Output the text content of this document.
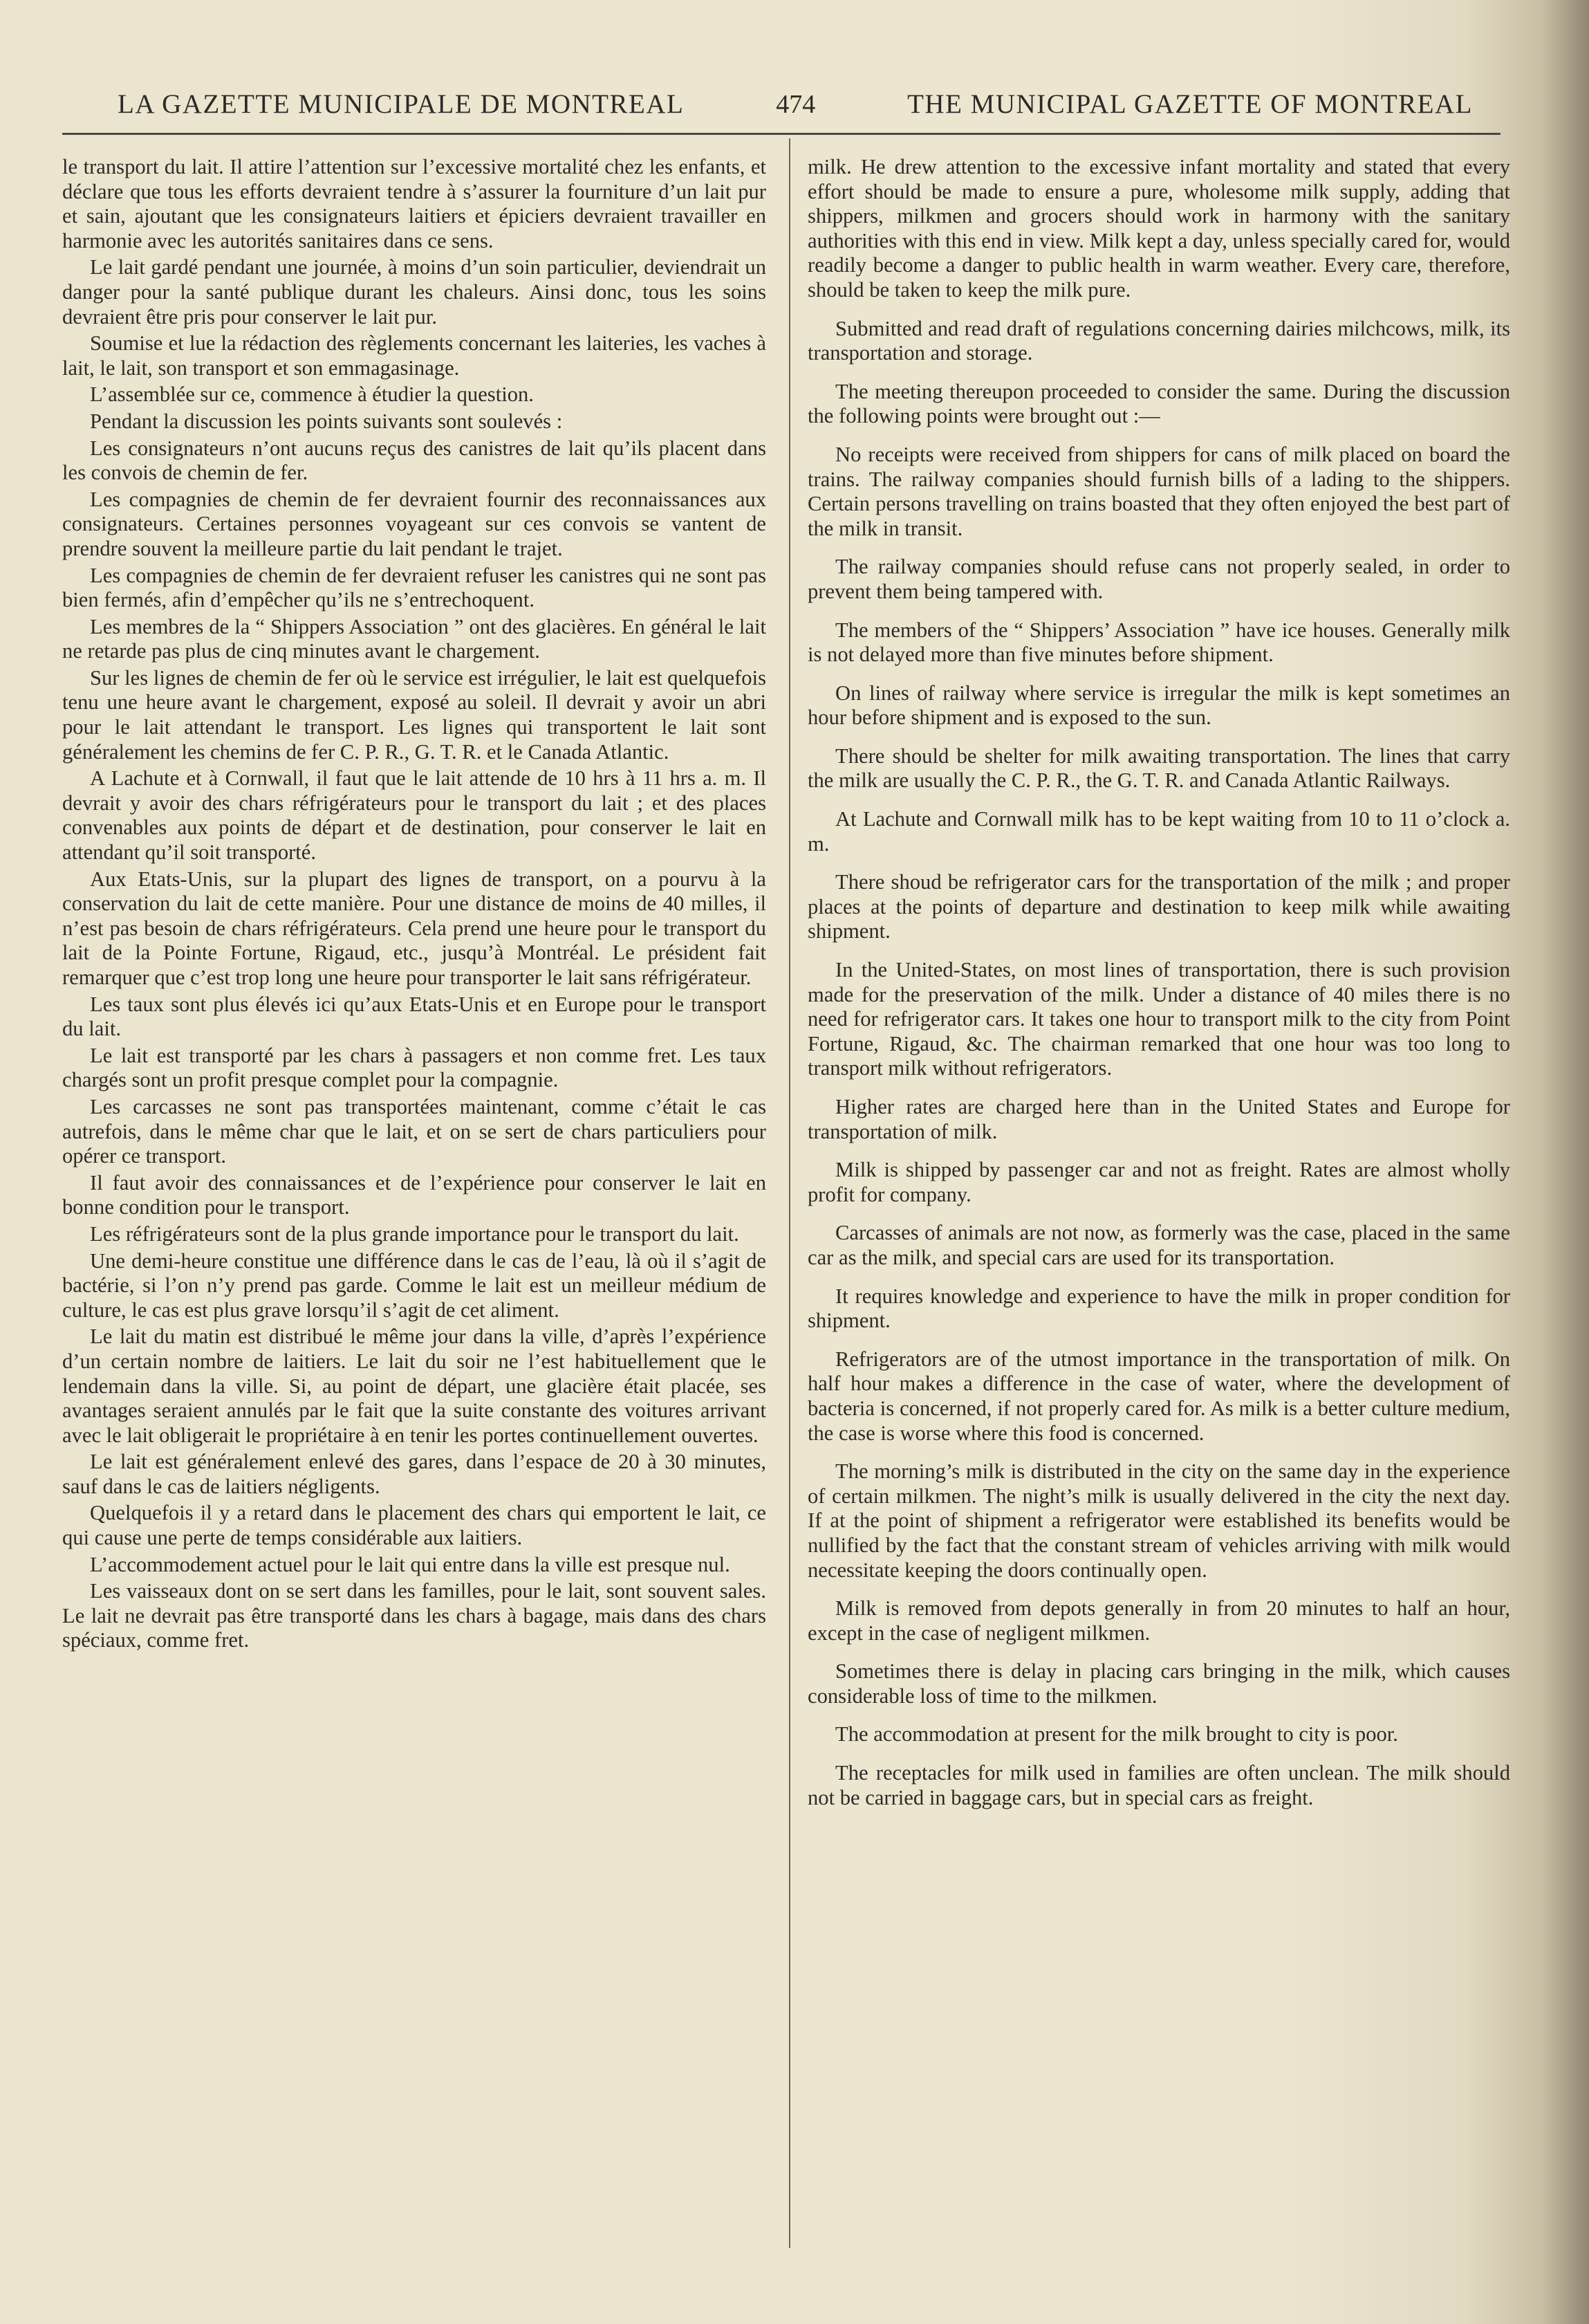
LA GAZETTE MUNICIPALE DE MONTREAL	474	THE MUNICIPAL GAZETTE OF MONTREAL

le transport du lait. Il attire l’attention sur l’excessive mortalité chez les enfants, et déclare que tous les efforts devraient tendre à s’assurer la fourniture d’un lait pur et sain, ajoutant que les consignateurs laitiers et épiciers devraient travailler en harmonie avec les autorités sanitaires dans ce sens.

Le lait gardé pendant une journée, à moins d’un soin particulier, deviendrait un danger pour la santé publique durant les chaleurs. Ainsi donc, tous les soins devraient être pris pour conserver le lait pur.

Soumise et lue la rédaction des règlements concernant les laiteries, les vaches à lait, le lait, son transport et son emmagasinage.

L’assemblée sur ce, commence à étudier la question.

Pendant la discussion les points suivants sont soulevés :

Les consignateurs n’ont aucuns reçus des canistres de lait qu’ils placent dans les convois de chemin de fer.

Les compagnies de chemin de fer devraient fournir des reconnaissances aux consignateurs. Certaines personnes voyageant sur ces convois se vantent de prendre souvent la meilleure partie du lait pendant le trajet.

Les compagnies de chemin de fer devraient refuser les canistres qui ne sont pas bien fermés, afin d’empêcher qu’ils ne s’entrechoquent.

Les membres de la “ Shippers Association ” ont des glacières. En général le lait ne retarde pas plus de cinq minutes avant le chargement.

Sur les lignes de chemin de fer où le service est irrégulier, le lait est quelquefois tenu une heure avant le chargement, exposé au soleil. Il devrait y avoir un abri pour le lait attendant le transport. Les lignes qui transportent le lait sont généralement les chemins de fer C. P. R., G. T. R. et le Canada Atlantic.

A Lachute et à Cornwall, il faut que le lait attende de 10 hrs à 11 hrs a. m. Il devrait y avoir des chars réfrigérateurs pour le transport du lait ; et des places convenables aux points de départ et de destination, pour conserver le lait en attendant qu’il soit transporté.

Aux Etats-Unis, sur la plupart des lignes de transport, on a pourvu à la conservation du lait de cette manière. Pour une distance de moins de 40 milles, il n’est pas besoin de chars réfrigérateurs. Cela prend une heure pour le transport du lait de la Pointe Fortune, Rigaud, etc., jusqu’à Montréal. Le président fait remarquer que c’est trop long une heure pour transporter le lait sans réfrigérateur.

Les taux sont plus élevés ici qu’aux Etats-Unis et en Europe pour le transport du lait.

Le lait est transporté par les chars à passagers et non comme fret. Les taux chargés sont un profit presque complet pour la compagnie.

Les carcasses ne sont pas transportées maintenant, comme c’était le cas autrefois, dans le même char que le lait, et on se sert de chars particuliers pour opérer ce transport.

Il faut avoir des connaissances et de l’expérience pour conserver le lait en bonne condition pour le transport.

Les réfrigérateurs sont de la plus grande importance pour le transport du lait.

Une demi-heure constitue une différence dans le cas de l’eau, là où il s’agit de bactérie, si l’on n’y prend pas garde. Comme le lait est un meilleur médium de culture, le cas est plus grave lorsqu’il s’agit de cet aliment.

Le lait du matin est distribué le même jour dans la ville, d’après l’expérience d’un certain nombre de laitiers. Le lait du soir ne l’est habituellement que le lendemain dans la ville. Si, au point de départ, une glacière était placée, ses avantages seraient annulés par le fait que la suite constante des voitures arrivant avec le lait obligerait le propriétaire à en tenir les portes continuellement ouvertes.

Le lait est généralement enlevé des gares, dans l’espace de 20 à 30 minutes, sauf dans le cas de laitiers négligents.

Quelquefois il y a retard dans le placement des chars qui emportent le lait, ce qui cause une perte de temps considérable aux laitiers.

L’accommodement actuel pour le lait qui entre dans la ville est presque nul.

Les vaisseaux dont on se sert dans les familles, pour le lait, sont souvent sales. Le lait ne devrait pas être transporté dans les chars à bagage, mais dans des chars spéciaux, comme fret.

milk. He drew attention to the excessive infant mortality and stated that every effort should be made to ensure a pure, wholesome milk supply, adding that shippers, milkmen and grocers should work in harmony with the sanitary authorities with this end in view. Milk kept a day, unless specially cared for, would readily become a danger to public health in warm weather. Every care, therefore, should be taken to keep the milk pure.

Submitted and read draft of regulations concerning dairies milchcows, milk, its transportation and storage.

The meeting thereupon proceeded to consider the same. During the discussion the following points were brought out :—

No receipts were received from shippers for cans of milk placed on board the trains. The railway companies should furnish bills of a lading to the shippers. Certain persons travelling on trains boasted that they often enjoyed the best part of the milk in transit.

The railway companies should refuse cans not properly sealed, in order to prevent them being tampered with.

The members of the “ Shippers’ Association ” have ice houses. Generally milk is not delayed more than five minutes before shipment.

On lines of railway where service is irregular the milk is kept sometimes an hour before shipment and is exposed to the sun.

There should be shelter for milk awaiting transportation. The lines that carry the milk are usually the C. P. R., the G. T. R. and Canada Atlantic Railways.

At Lachute and Cornwall milk has to be kept waiting from 10 to 11 o’clock a. m.

There shoud be refrigerator cars for the transportation of the milk ; and proper places at the points of departure and destination to keep milk while awaiting shipment.

In the United-States, on most lines of transportation, there is such provision made for the preservation of the milk. Under a distance of 40 miles there is no need for refrigerator cars. It takes one hour to transport milk to the city from Point Fortune, Rigaud, &c. The chairman remarked that one hour was too long to transport milk without refrigerators.

Higher rates are charged here than in the United States and Europe for transportation of milk.

Milk is shipped by passenger car and not as freight. Rates are almost wholly profit for company.

Carcasses of animals are not now, as formerly was the case, placed in the same car as the milk, and special cars are used for its transportation.

It requires knowledge and experience to have the milk in proper condition for shipment.

Refrigerators are of the utmost importance in the transportation of milk. On half hour makes a difference in the case of water, where the development of bacteria is concerned, if not properly cared for. As milk is a better culture medium, the case is worse where this food is concerned.

The morning’s milk is distributed in the city on the same day in the experience of certain milkmen. The night’s milk is usually delivered in the city the next day. If at the point of shipment a refrigerator were established its benefits would be nullified by the fact that the constant stream of vehicles arriving with milk would necessitate keeping the doors continually open.

Milk is removed from depots generally in from 20 minutes to half an hour, except in the case of negligent milkmen.

Sometimes there is delay in placing cars bringing in the milk, which causes considerable loss of time to the milkmen.

The accommodation at present for the milk brought to city is poor.

The receptacles for milk used in families are often unclean. The milk should not be carried in baggage cars, but in special cars as freight.
